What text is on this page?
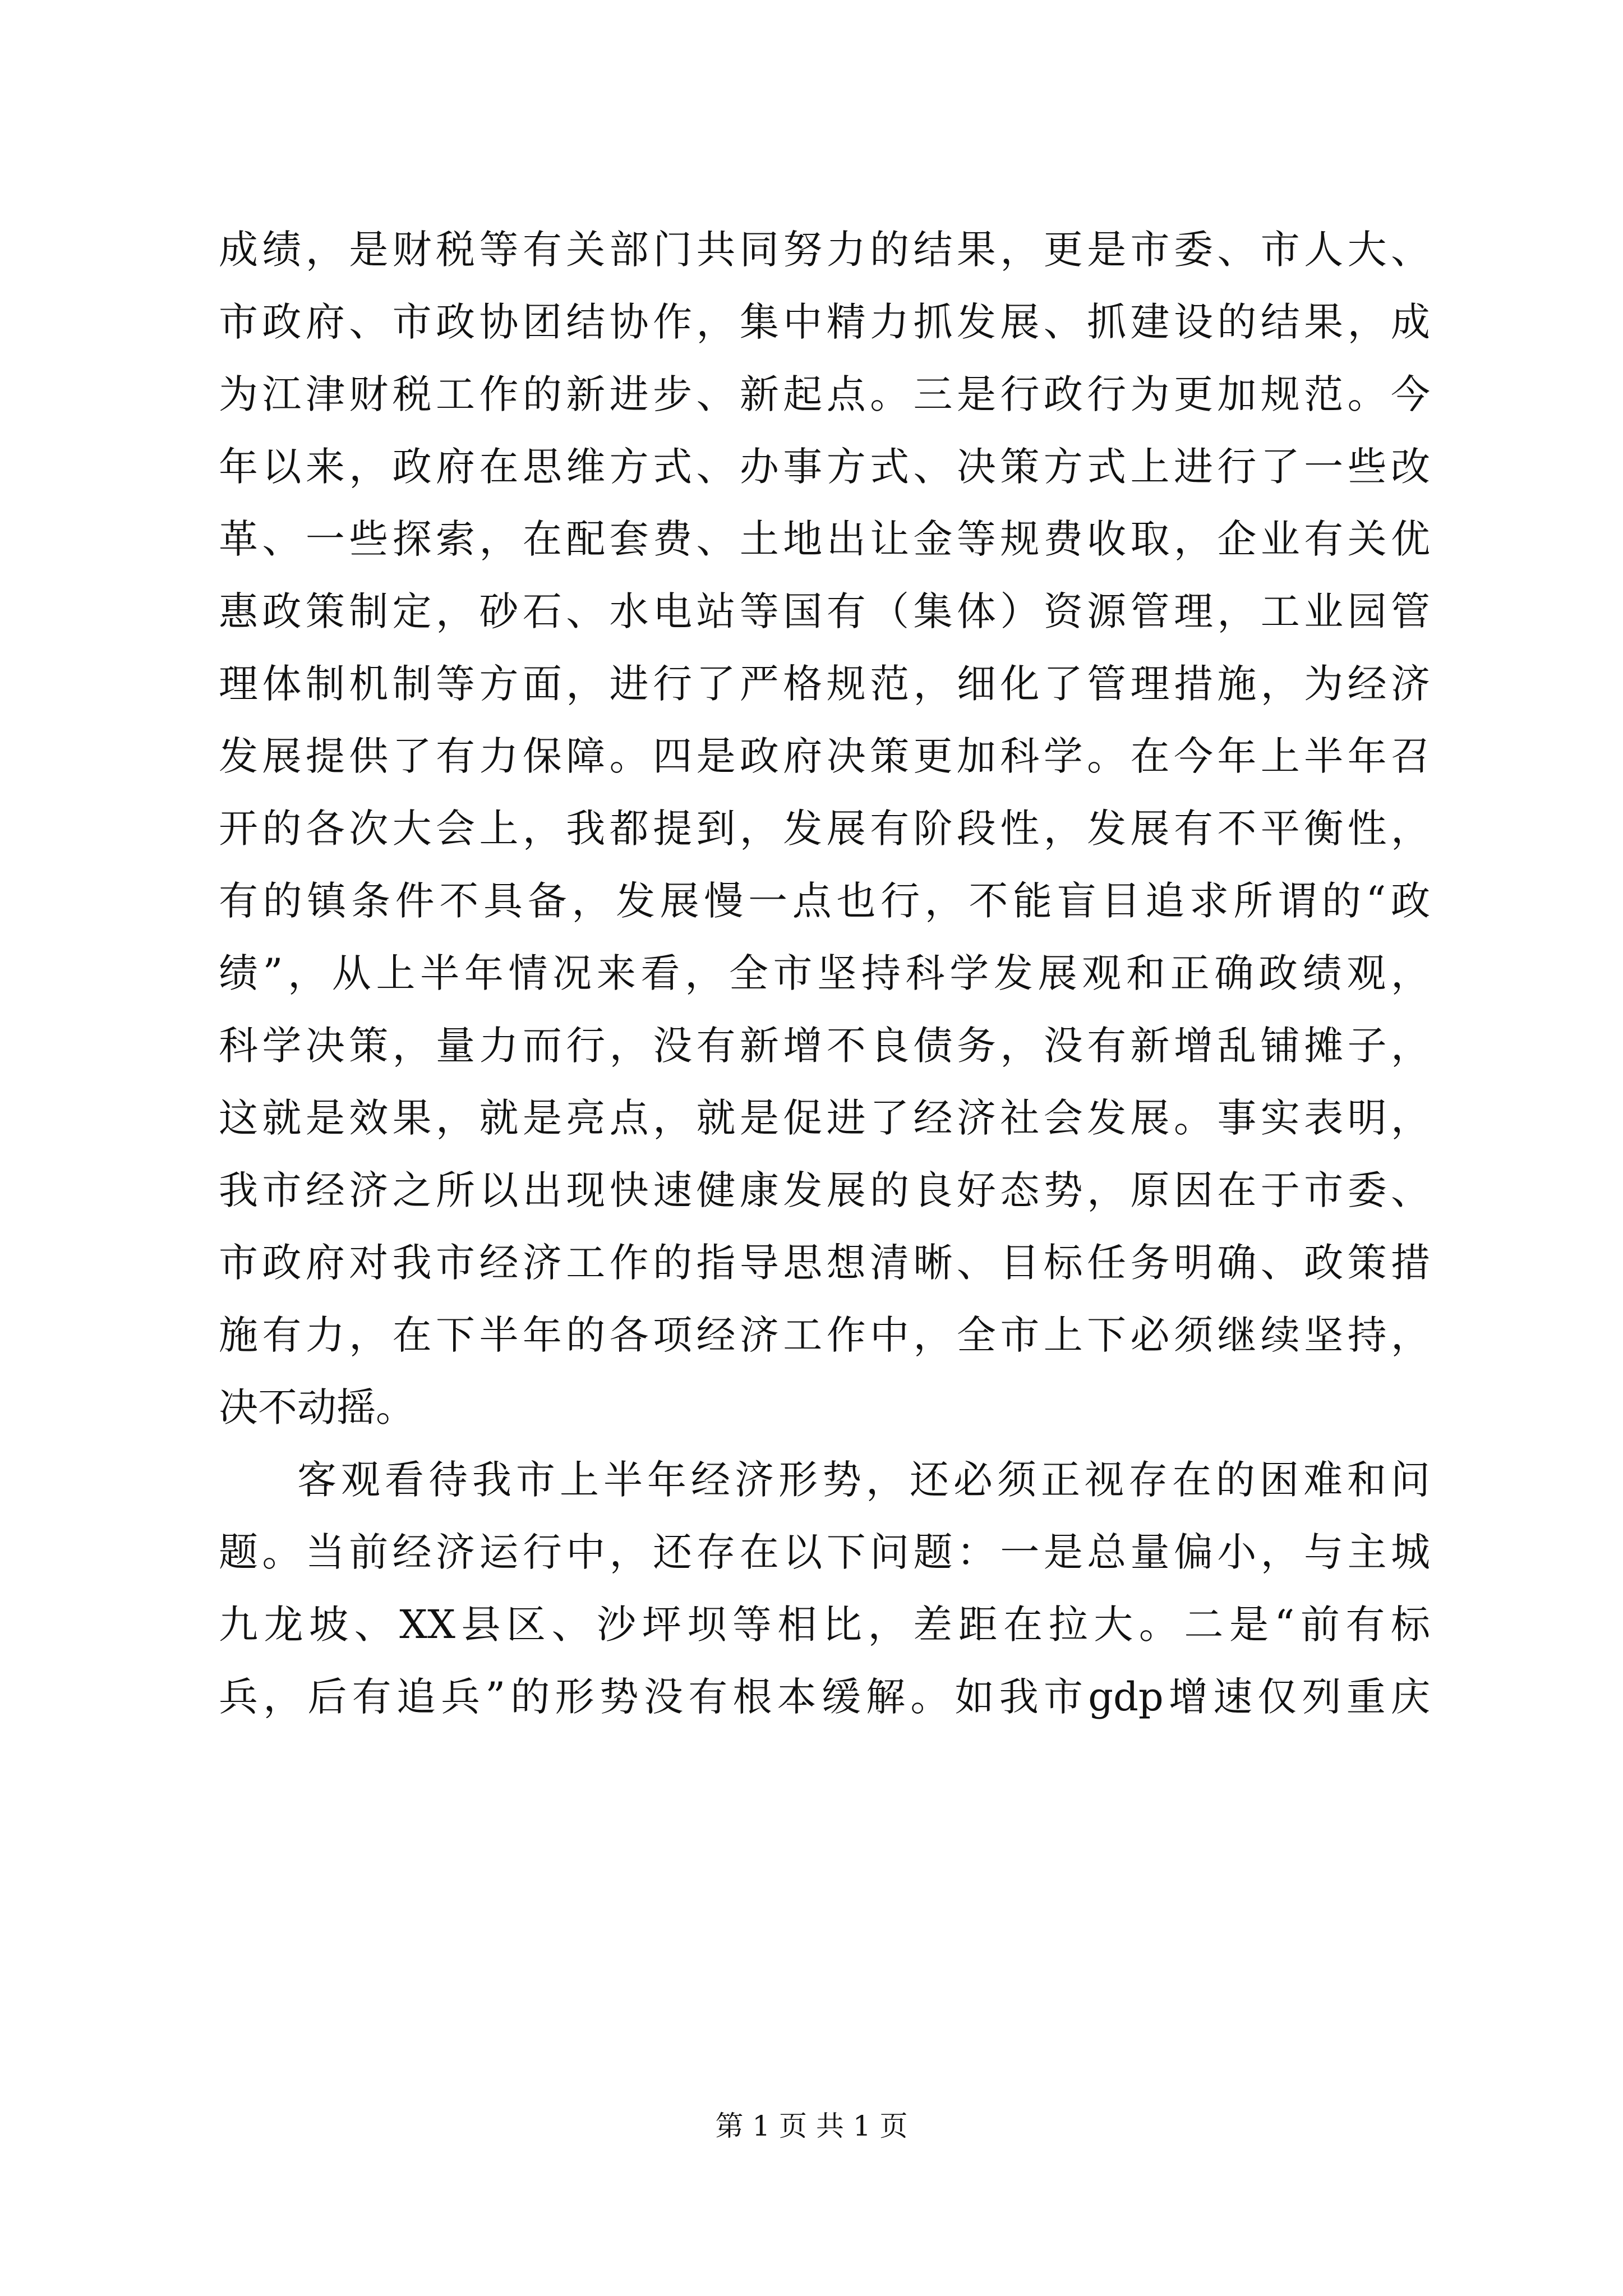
成绩，是财税等有关部门共同努力的结果，更是市委、市人大、
市政府、市政协团结协作，集中精力抓发展、抓建设的结果，成
为江津财税工作的新进步、新起点。三是行政行为更加规范。今
年以来，政府在思维方式、办事方式、决策方式上进行了一些改
革、一些探索，在配套费、土地出让金等规费收取，企业有关优
惠政策制定，砂石、水电站等国有（集体）资源管理，工业园管
理体制机制等方面，进行了严格规范，细化了管理措施，为经济
发展提供了有力保障。四是政府决策更加科学。在今年上半年召
开的各次大会上，我都提到，发展有阶段性，发展有不平衡性，
有的镇条件不具备，发展慢一点也行，不能盲目追求所谓的“政
绩”，从上半年情况来看，全市坚持科学发展观和正确政绩观，
科学决策，量力而行，没有新增不良债务，没有新增乱铺摊子，
这就是效果，就是亮点，就是促进了经济社会发展。事实表明，
我市经济之所以出现快速健康发展的良好态势，原因在于市委、
市政府对我市经济工作的指导思想清晰、目标任务明确、政策措
施有力，在下半年的各项经济工作中，全市上下必须继续坚持，
决不动摇。
客观看待我市上半年经济形势，还必须正视存在的困难和问
题。当前经济运行中，还存在以下问题：一是总量偏小，与主城
九龙坡、XX县区、沙坪坝等相比，差距在拉大。二是“前有标
兵，后有追兵”的形势没有根本缓解。如我市gdp增速仅列重庆
第 1 页 共 1 页
